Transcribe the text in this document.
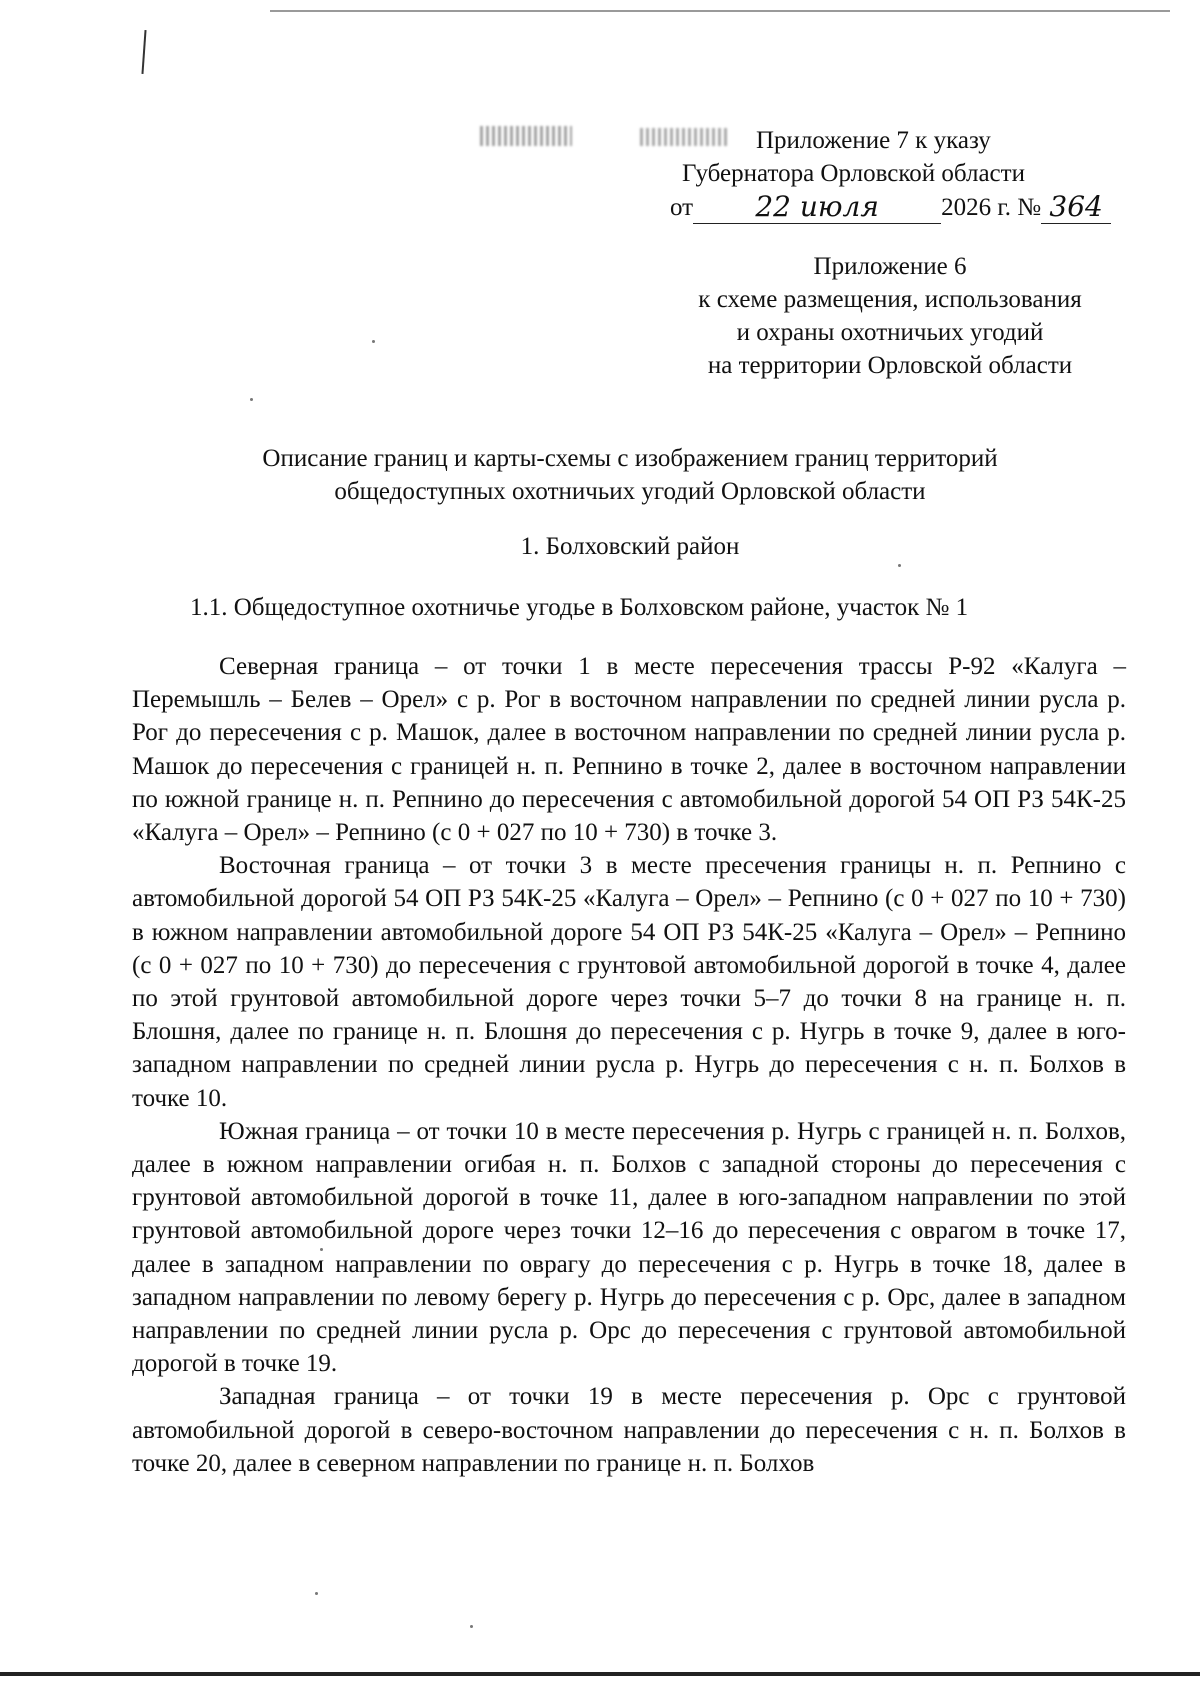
Приложение 7 к указу
Губернатора Орловской области
от	22 июля	2026 г. № 364
Приложение 6
к схеме размещения, использования
и охраны охотничьих угодий
на территории Орловской области
Описание границ и карты-схемы с изображением границ территорий
общедоступных охотничьих угодий Орловской области
1. Болховский район
1.1. Общедоступное охотничье угодье в Болховском районе, участок № 1

Северная граница – от точки 1 в месте пересечения трассы Р-92 «Калуга – Перемышль – Белев – Орел» с р. Рог в восточном направлении по средней линии русла р. Рог до пересечения с р. Машок, далее в восточном направлении по средней линии русла р. Машок до пересечения с границей н. п. Репнино в точке 2, далее в восточном направлении по южной границе н. п. Репнино до пересечения с автомобильной дорогой 54 ОП РЗ 54К-25 «Калуга – Орел» – Репнино (с 0 + 027 по 10 + 730) в точке 3.

Восточная граница – от точки 3 в месте пресечения границы н. п. Репнино с автомобильной дорогой 54 ОП РЗ 54К-25 «Калуга – Орел» – Репнино (с 0 + 027 по 10 + 730) в южном направлении автомобильной дороге 54 ОП РЗ 54К-25 «Калуга – Орел» – Репнино (с 0 + 027 по 10 + 730) до пересечения с грунтовой автомобильной дорогой в точке 4, далее по этой грунтовой автомобильной дороге через точки 5–7 до точки 8 на границе н. п. Блошня, далее по границе н. п. Блошня до пересечения с р. Нугрь в точке 9, далее в юго-западном направлении по средней линии русла р. Нугрь до пересечения с н. п. Болхов в точке 10.

Южная граница – от точки 10 в месте пересечения р. Нугрь с границей н. п. Болхов, далее в южном направлении огибая н. п. Болхов с западной стороны до пересечения с грунтовой автомобильной дорогой в точке 11, далее в юго-западном направлении по этой грунтовой автомобильной дороге через точки 12–16 до пересечения с оврагом в точке 17, далее в западном направлении по оврагу до пересечения с р. Нугрь в точке 18, далее в западном направлении по левому берегу р. Нугрь до пересечения с р. Орс, далее в западном направлении по средней линии русла р. Орс до пересечения с грунтовой автомобильной дорогой в точке 19.

Западная граница – от точки 19 в месте пересечения р. Орс с грунтовой автомобильной дорогой в северо-восточном направлении до пересечения с н. п. Болхов в точке 20, далее в северном направлении по границе н. п. Болхов
